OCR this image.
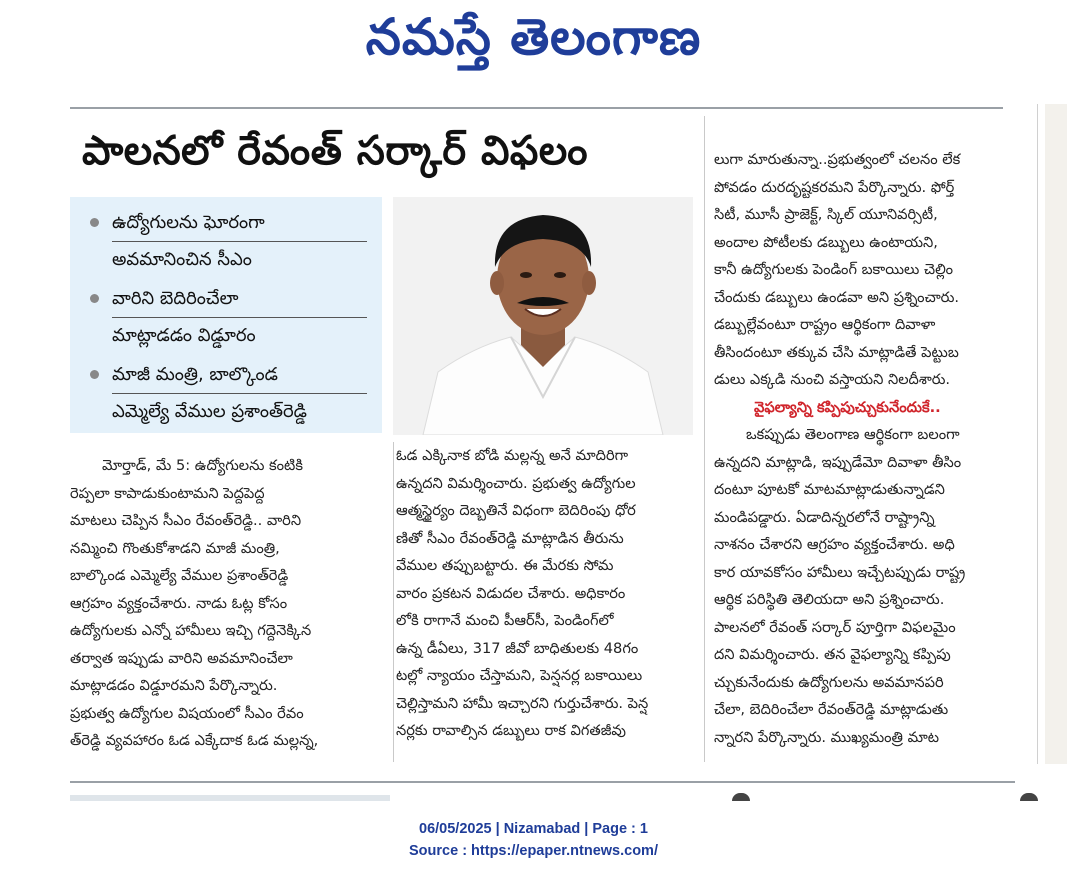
నమస్తే తెలంగాణ
పాలనలో రేవంత్ సర్కార్ విఫలం
ఉద్యోగులను ఘోరంగా
అవమానించిన సీఎం
వారిని బెదిరించేలా
మాట్లాడడం విడ్డూరం
మాజీ మంత్రి, బాల్కొండ
ఎమ్మెల్యే వేముల ప్రశాంత్‌రెడ్డి
మోర్తాడ్, మే 5: ఉద్యోగులను కంటికి
రెప్పలా కాపాడుకుంటామని పెద్దపెద్ద
మాటలు చెప్పిన సీఎం రేవంత్‌రెడ్డి.. వారిని
నమ్మించి గొంతుకోశాడని మాజీ మంత్రి,
బాల్కొండ ఎమ్మెల్యే వేముల ప్రశాంత్‌రెడ్డి
ఆగ్రహం వ్యక్తంచేశారు. నాడు ఓట్ల కోసం
ఉద్యోగులకు ఎన్నో హామీలు ఇచ్చి గద్దెనెక్కిన
తర్వాత ఇప్పుడు వారిని అవమానించేలా
మాట్లాడడం విడ్డూరమని పేర్కొన్నారు.
ప్రభుత్వ ఉద్యోగుల విషయంలో సీఎం రేవం
త్‌రెడ్డి వ్యవహారం ఓడ ఎక్కేదాక ఓడ మల్లన్న,
ఓడ ఎక్కినాక బోడి మల్లన్న అనే మాదిరిగా
ఉన్నదని విమర్శించారు. ప్రభుత్వ ఉద్యోగుల
ఆత్మస్థైర్యం దెబ్బతినే విధంగా బెదిరింపు ధోర
ణితో సీఎం రేవంత్‌రెడ్డి మాట్లాడిన తీరును
వేముల తప్పుబట్టారు. ఈ మేరకు సోమ
వారం ప్రకటన విడుదల చేశారు. అధికారం
లోకి రాగానే మంచి పీఆర్‌సీ, పెండింగ్‌లో
ఉన్న డీఏలు, 317 జీవో బాధితులకు 48గం
టల్లో న్యాయం చేస్తామని, పెన్షనర్ల బకాయిలు
చెల్లిస్తామని హామీ ఇచ్చారని గుర్తుచేశారు. పెన్ష
నర్లకు రావాల్సిన డబ్బులు రాక విగతజీవు
లుగా మారుతున్నా..ప్రభుత్వంలో చలనం లేక
పోవడం దురదృష్టకరమని పేర్కొన్నారు. ఫోర్త్
సిటీ, మూసీ ప్రాజెక్ట్, స్కిల్ యూనివర్సిటీ,
అందాల పోటీలకు డబ్బులు ఉంటాయని,
కానీ ఉద్యోగులకు పెండింగ్ బకాయిలు చెల్లిం
చేందుకు డబ్బులు ఉండవా అని ప్రశ్నించారు.
డబ్బుల్లేవంటూ రాష్ట్రం ఆర్థికంగా దివాళా
తీసిందంటూ తక్కువ చేసి మాట్లాడితే పెట్టుబ
డులు ఎక్కడి నుంచి వస్తాయని నిలదీశారు.
వైఫల్యాన్ని కప్పిపుచ్చుకునేందుకే..
ఒకప్పుడు తెలంగాణ ఆర్థికంగా బలంగా
ఉన్నదని మాట్లాడి, ఇప్పుడేమో దివాళా తీసిం
దంటూ పూటకో మాటమాట్లాడుతున్నాడని
మండిపడ్డారు. ఏడాదిన్నరలోనే రాష్ట్రాన్ని
నాశనం చేశారని ఆగ్రహం వ్యక్తంచేశారు. అధి
కార యావకోసం హామీలు ఇచ్చేటప్పుడు రాష్ట్ర
ఆర్థిక పరిస్థితి తెలియదా అని ప్రశ్నించారు.
పాలనలో రేవంత్ సర్కార్ పూర్తిగా విఫలమైం
దని విమర్శించారు. తన వైఫల్యాన్ని కప్పిపు
చ్చుకునేందుకు ఉద్యోగులను అవమానపరి
చేలా, బెదిరించేలా రేవంత్‌రెడ్డి మాట్లాడుతు
న్నారని పేర్కొన్నారు. ముఖ్యమంత్రి మాట
06/05/2025 | Nizamabad | Page : 1
Source : https://epaper.ntnews.com/
